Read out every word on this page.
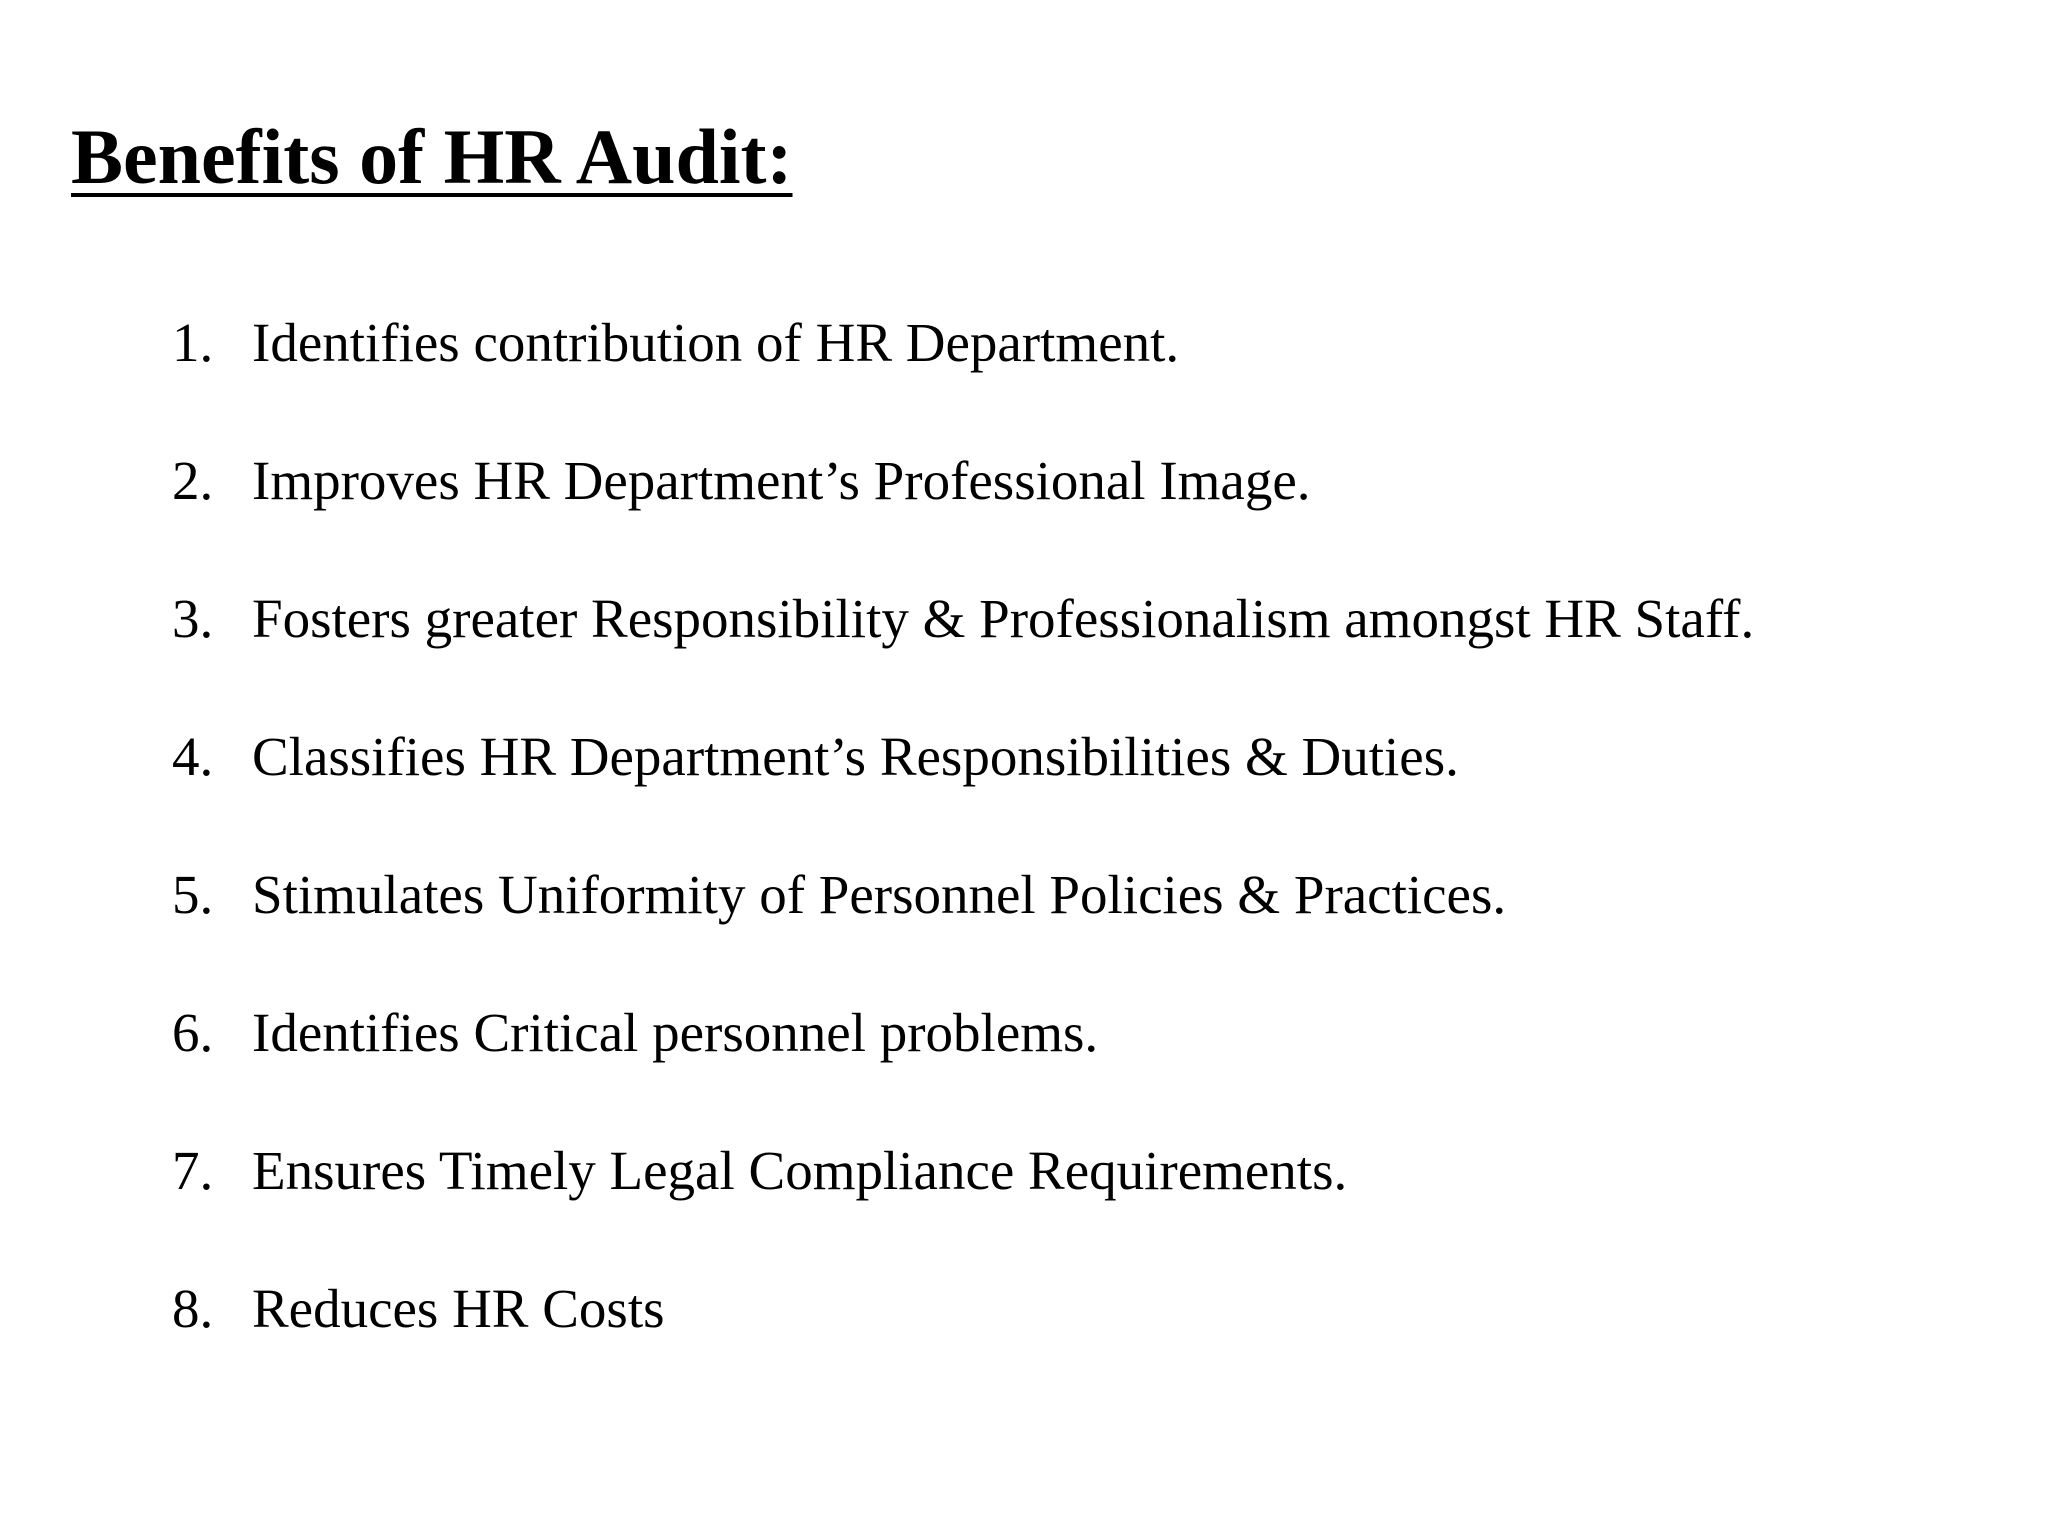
Benefits of HR Audit:
1. Identifies contribution of HR Department.
2. Improves HR Department’s Professional Image.
3. Fosters greater Responsibility & Professionalism amongst HR Staff.
4. Classifies HR Department’s Responsibilities & Duties.
5. Stimulates Uniformity of Personnel Policies & Practices.
6. Identifies Critical personnel problems.
7. Ensures Timely Legal Compliance Requirements.
8. Reduces HR Costs
